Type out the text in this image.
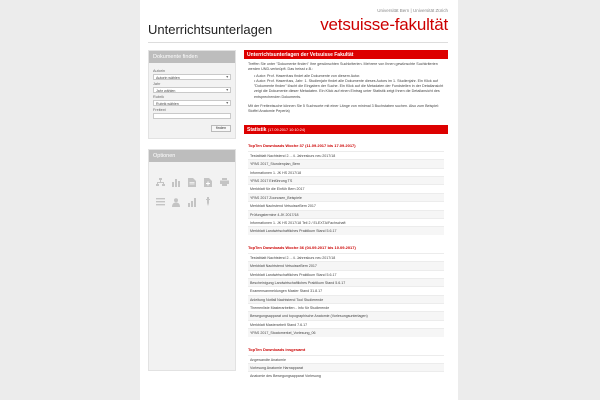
Unterrichtsunterlagen
Universität Bern | Universität Zürich
vetsuisse-fakultät
Dokumente finden
Autorin
Autorin wählen	▼
Jahr
Jahr wählen	▼
Rubrik
Rubrik wählen	▼
Freitext
finden
Optionen
Unterrichtsunterlagen der Vetsuisse Fakultät

Treffen Sie unter "Dokumente finden" Ihre gewünschten Suchkriterien. Mehrere von Ihnen gewünschte Suchkriterien werden UND-verknüpft. Das heisst z.B.:

• Autor: Prof. Hasenfuss findet alle Dokumente von diesem Autor.

• Autor: Prof. Hasenfuss, Jahr: 1. Studienjahr findet alle Dokumente dieses Autors im 1. Studienjahr. Ein Klick auf "Dokumente finden" löscht die Eingaben der Suche. Ein Klick auf die Metadaten der Fundstellen in der Detailansicht zeigt die Dokumente dieser Metadaten. Ein Klick auf einen Eintrag unter Statistik zeigt Ihnen die Detailansicht des entsprechenden Dokuments.

Mit der Freitextsuche können Sie 5 Suchworte mit einer Länge von minimal 3 Buchstaben suchen. Also zum Beispiel: Stoffel Anatomie Peperla)

Statistik (17.09.2017 10:10:24)
TopTen Downloads Woche 37 (11.09.2017 bis 17.09.2017)
Testatblatt Nachtstend 2. - 4. Jahreskurs neu 2017/18
YPAS 2017_Stundenplan_Bern
Informationen 1. JK HS 2017/18
YPAS 2017 Einführung TS
Merkblatt für die Einfüh Bern 2017
YPAS 2017 Zoonosen_Beispiele
Merkblatt Nachstend VetsuisseBern 2017
Prüfungstermine 4.JK 2017/18
Informationen 1. JK HS 2017/18 Teil 2 / ELEXTA/Fachschaft
Merkblatt Landwirtschaftliches Praktikum Stand 5.6.17
TopTen Downloads Woche 36 (04.09.2017 bis 10.09.2017)
Testatblatt Nachtstend 2. - 4. Jahreskurs neu 2017/18
Merkblatt Nachtstend VetsuisseBern 2017
Merkblatt Landwirtschaftliches Praktikum Stand 5.6.17
Bescheinigung Landwirtschaftliches Praktikum Stand 5.6.17
Examensanmeldungen Master Stand 31.8.17
Anleitung Notfall Nachtstend Tool Studierende
Themenliste Masterarbeiten - Info für Studierende
Bewegungsapparat und topographische Anatomie (Vorlesungsunterlagen)
Merkblatt Masterarbeit Stand 7.6.17
YPAS 2017_Stoatomerkel_Vorlesung_06
TopTen Downloads insgesamt
Angewandte Anatomie
Vorlesung Anatomie Harnapparat
Anatomie des Bewegungsapparat Vorlesung
